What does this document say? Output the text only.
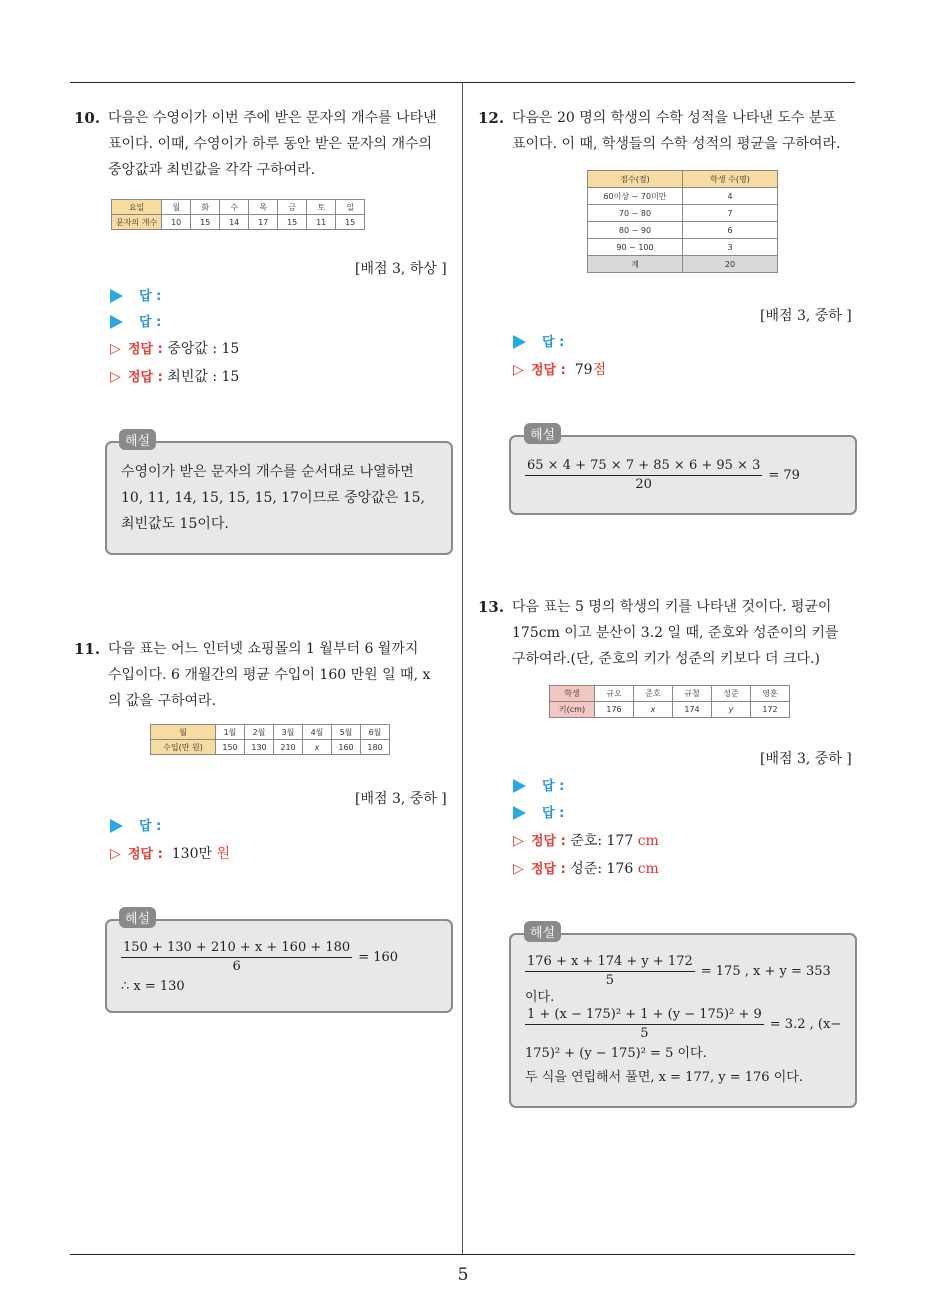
5
10. 다음은 수영이가 이번 주에 받은 문자의 개수를 나타낸
표이다. 이때, 수영이가 하루 동안 받은 문자의 개수의
중앙값과 최빈값을 각각 구하여라.
요일	월	화	수	목	금	토	일
문자의 개수	10	15	14	17	15	11	15
[배점 3, 하상 ]
답 :
답 :
▷ 정답 : 중앙값 : 15
▷ 정답 : 최빈값 : 15
수영이가 받은 문자의 개수를 순서대로 나열하면
10, 11, 14, 15, 15, 15, 17이므로 중앙값은 15,
최빈값도 15이다.
해설
11. 다음 표는 어느 인터넷 쇼핑몰의 1 월부터 6 월까지
수입이다. 6 개월간의 평균 수입이 160 만원 일 때, x
의 값을 구하여라.
월	1월	2월	3월	4월	5월	6월
수입(만 원)	150	130	210	x	160	180
[배점 3, 중하 ]
답 :
▷ 정답 : 130만 원
$\frac{150 + 130 + 210 + x + 160 + 180}{6} = 160$
∴ x = 130
해설
12. 다음은 20 명의 학생의 수학 성적을 나타낸 도수 분포
표이다. 이 때, 학생들의 수학 성적의 평균을 구하여라.
점수(점)	학생 수(명)
60이상 ~ 70미만	4
70 ~ 80	7
80 ~ 90	6
90 ~ 100	3
계	20
[배점 3, 중하 ]
답 :
▷ 정답 : 79점
$\frac{65 \times 4 + 75 \times 7 + 85 \times 6 + 95 \times 3}{20} = 79$
해설
13. 다음 표는 5 명의 학생의 키를 나타낸 것이다. 평균이
175cm 이고 분산이 3.2 일 때, 준호와 성준이의 키를
구하여라.(단, 준호의 키가 성준의 키보다 더 크다.)
학생	규오	준호	규철	성준	영훈
키(cm)	176	x	174	y	172
[배점 3, 중하 ]
답 :
답 :
▷ 정답 : 준호: 177 cm
▷ 정답 : 성준: 176 cm
$\frac{176 + x + 174 + y + 172}{5} = 175$ , x + y = 353
이다.
$\frac{\text{1 + (x − 175)² + 1 + (y − 175)² + 9}}{5} = 3.2$ , (x−
175)² + (y − 175)² = 5 이다.
두 식을 연립해서 풀면, x = 177, y = 176 이다.
해설
